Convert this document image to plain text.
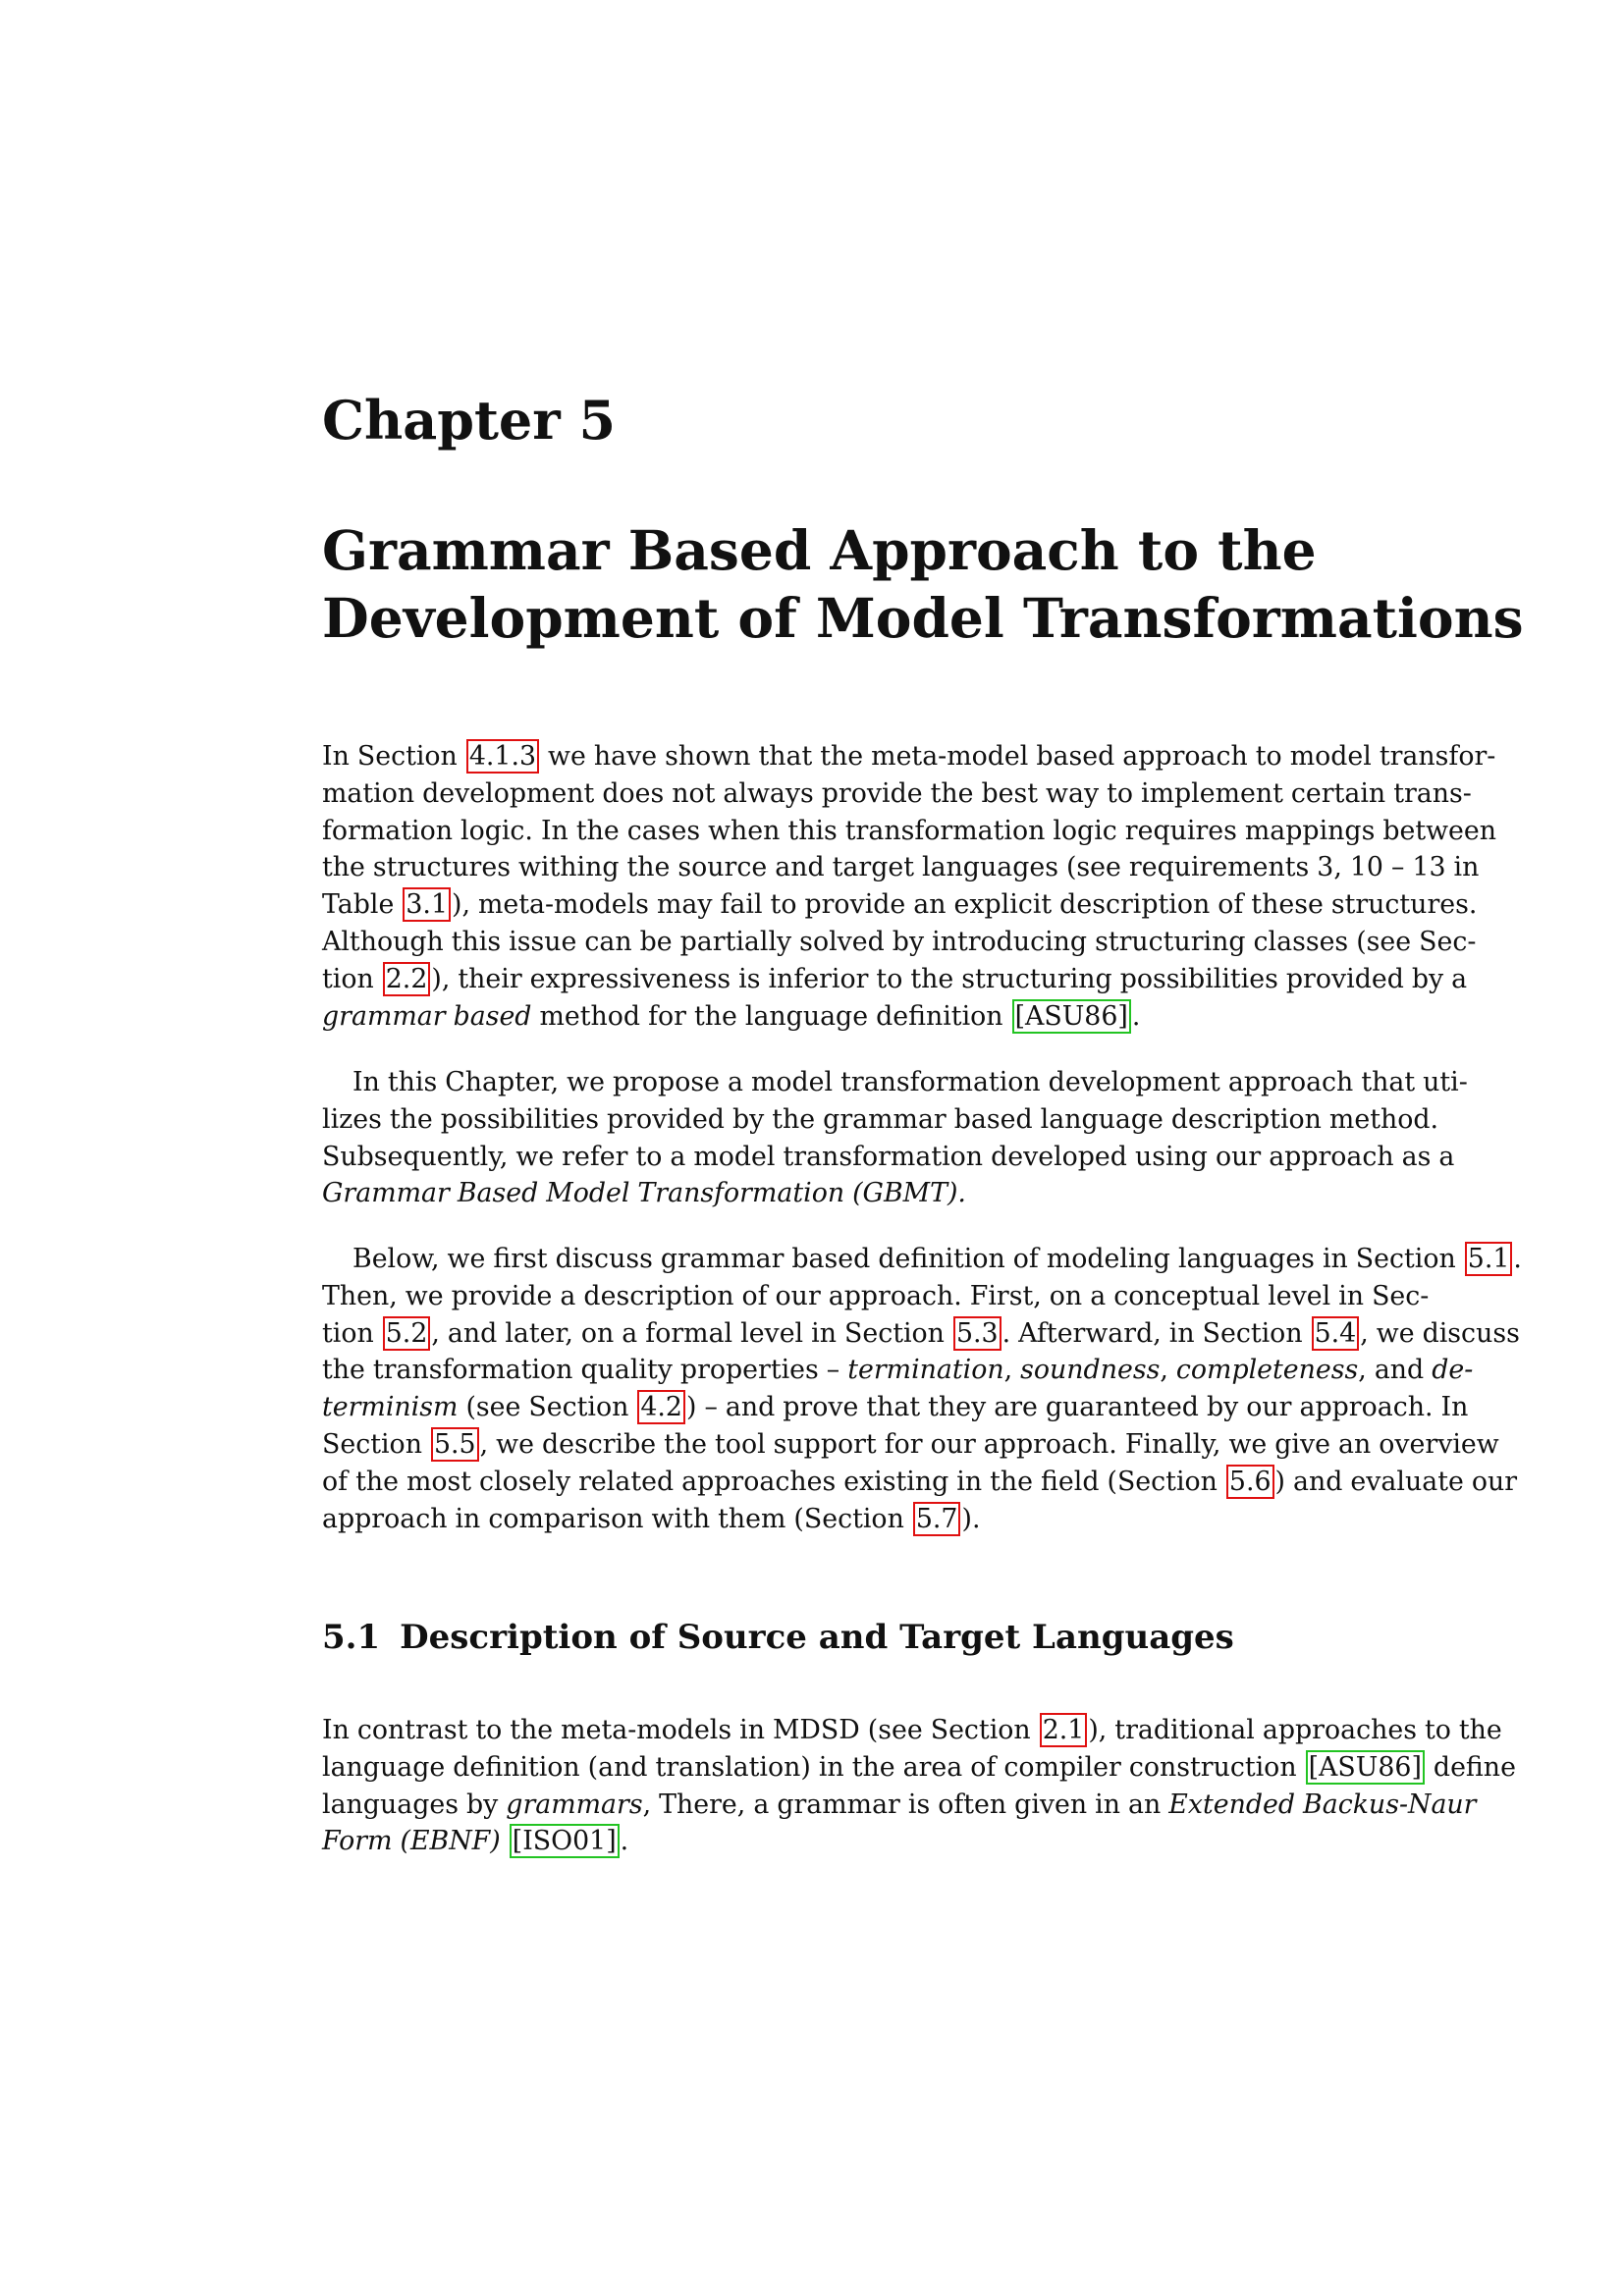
Chapter 5
Grammar Based Approach to the
Development of Model Transformations
In Section 4.1.3 we have shown that the meta-model based approach to model transfor-
mation development does not always provide the best way to implement certain trans-
formation logic. In the cases when this transformation logic requires mappings between
the structures withing the source and target languages (see requirements 3, 10 – 13 in
Table 3.1 ), meta-models may fail to provide an explicit description of these structures.
Although this issue can be partially solved by introducing structuring classes (see Sec-
tion 2.2 ), their expressiveness is inferior to the structuring possibilities provided by a
grammar based method for the language definition [ASU86] .
In this Chapter, we propose a model transformation development approach that uti-
lizes the possibilities provided by the grammar based language description method.
Subsequently, we refer to a model transformation developed using our approach as a
Grammar Based Model Transformation (GBMT).
Below, we first discuss grammar based definition of modeling languages in Section 5.1 .
Then, we provide a description of our approach. First, on a conceptual level in Sec-
tion 5.2 , and later, on a formal level in Section 5.3 . Afterward, in Section 5.4 , we discuss
the transformation quality properties – termination, soundness, completeness, and de-
terminism (see Section 4.2 ) – and prove that they are guaranteed by our approach. In
Section 5.5 , we describe the tool support for our approach. Finally, we give an overview
of the most closely related approaches existing in the field (Section 5.6 ) and evaluate our
approach in comparison with them (Section 5.7 ).
5.1 Description of Source and Target Languages
In contrast to the meta-models in MDSD (see Section 2.1 ), traditional approaches to the
language definition (and translation) in the area of compiler construction [ASU86] define
languages by grammars, There, a grammar is often given in an Extended Backus-Naur
Form (EBNF) [ISO01] .
